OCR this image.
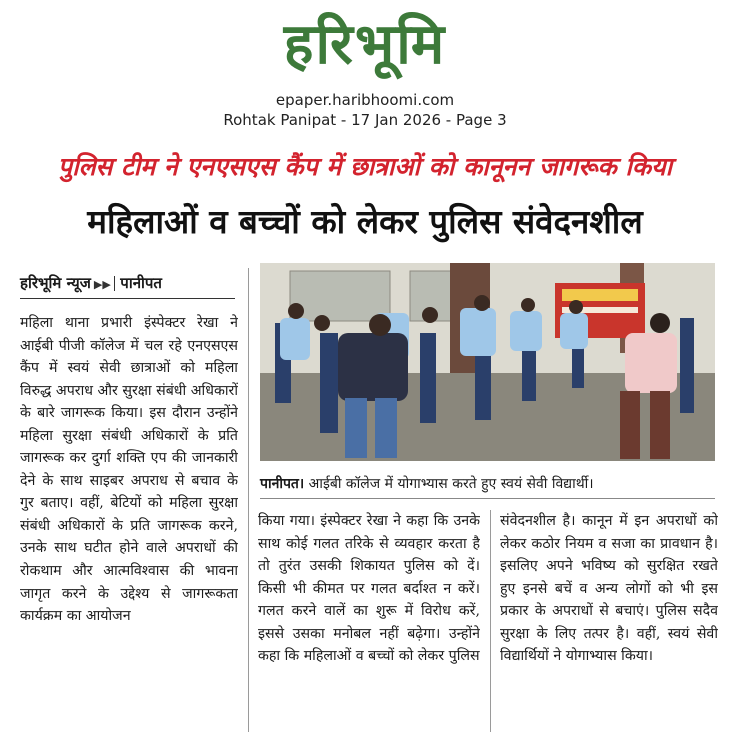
हरिभूमि
epaper.haribhoomi.com
Rohtak Panipat - 17 Jan 2026 - Page 3
पुलिस टीम ने एनएसएस कैंप में छात्राओं को कानूनन जागरूक किया
महिलाओं व बच्चों को लेकर पुलिस संवेदनशील
हरिभूमि न्यूज ▶▶ पानीपत
महिला थाना प्रभारी इंस्पेक्टर रेखा ने आईबी पीजी कॉलेज में चल रहे एनएसएस कैंप में स्वयं सेवी छात्राओं को महिला विरुद्ध अपराध और सुरक्षा संबंधी अधिकारों के बारे जागरूक किया। इस दौरान उन्होंने महिला सुरक्षा संबंधी अधिकारों के प्रति जागरूक कर दुर्गा शक्ति एप की जानकारी देने के साथ साइबर अपराध से बचाव के गुर बताए। वहीं, बेटियों को महिला सुरक्षा संबंधी अधिकारों के प्रति जागरूक करने, उनके साथ घटीत होने वाले अपराधों की रोकथाम और आत्मविश्वास की भावना जागृत करने के उद्देश्य से जागरूकता कार्यक्रम का आयोजन
पानीपत। आईबी कॉलेज में योगाभ्यास करते हुए स्वयं सेवी विद्यार्थी।
किया गया। इंस्पेक्टर रेखा ने कहा कि उनके साथ कोई गलत तरिके से व्यवहार करता है तो तुरंत उसकी शिकायत पुलिस को दें। किसी भी कीमत पर गलत बर्दाश्त न करें। गलत करने वालें का शुरू में विरोध करें, इससे उसका मनोबल नहीं बढ़ेगा। उन्होंने कहा कि महिलाओं व बच्चों को लेकर पुलिस
संवेदनशील है। कानून में इन अपराधों को लेकर कठोर नियम व सजा का प्रावधान है। इसलिए अपने भविष्य को सुरक्षित रखते हुए इनसे बचें व अन्य लोगों को भी इस प्रकार के अपराधों से बचाएं। पुलिस सदैव सुरक्षा के लिए तत्पर है। वहीं, स्वयं सेवी विद्यार्थियों ने योगाभ्यास किया।
